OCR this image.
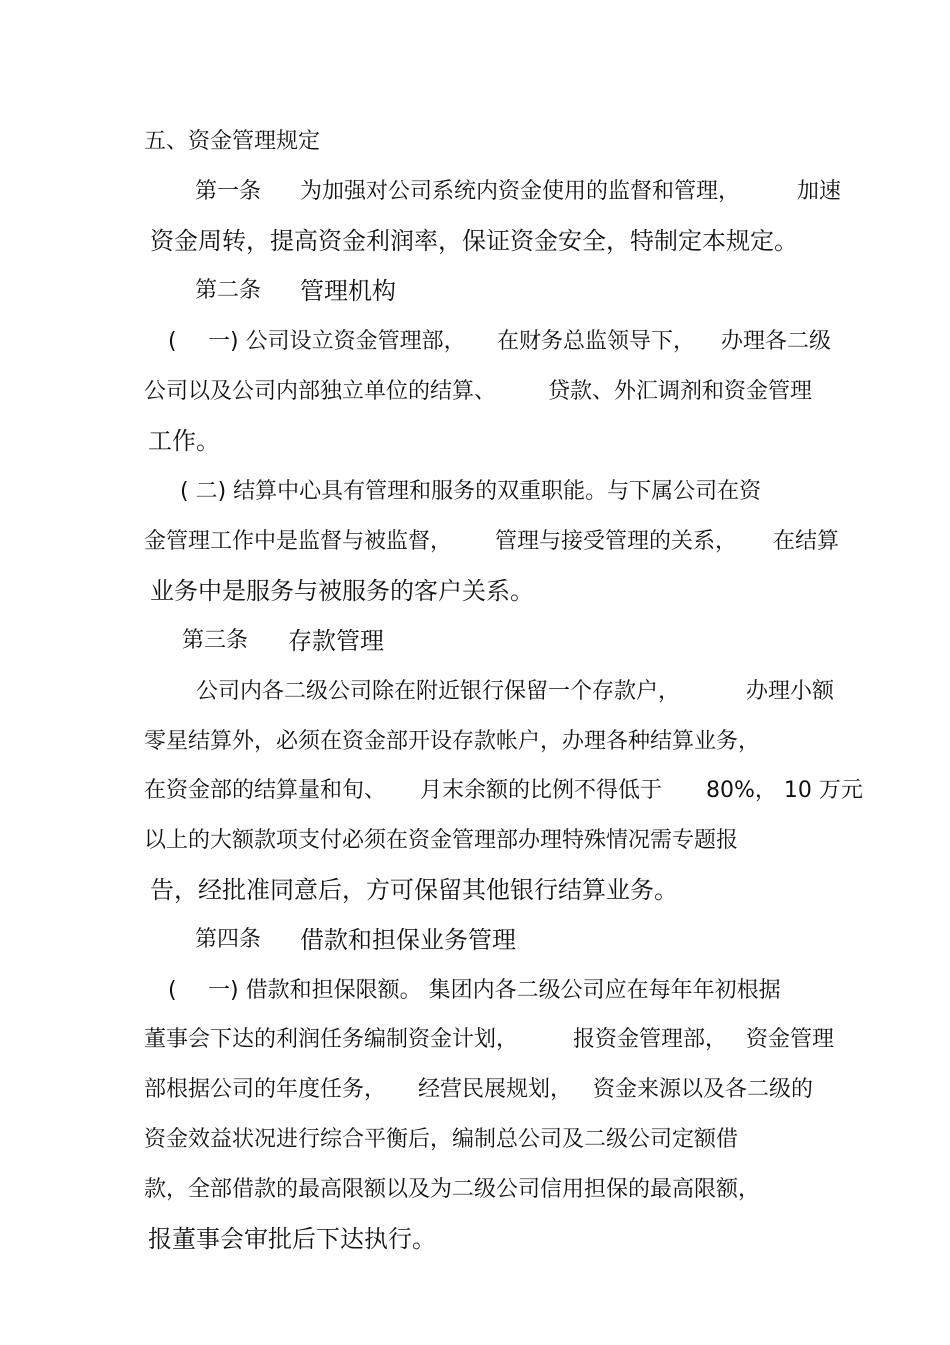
五、资金管理规定
第一条 为加强对公司系统内资金使用的监督和管理，	加速
资金周转，提高资金利润率，保证资金安全，特制定本规定。
第二条 管理机构
( 一) 公司设立资金管理部， 在财务总监领导下， 办理各二级
公司以及公司内部独立单位的结算、 贷款、外汇调剂和资金管理
工作。
( 二) 结算中心具有管理和服务的双重职能。与下属公司在资
金管理工作中是监督与被监督， 管理与接受管理的关系， 在结算
业务中是服务与被服务的客户关系。
第三条 存款管理
公司内各二级公司除在附近银行保留一个存款户，	办理小额
零星结算外，必须在资金部开设存款帐户，办理各种结算业务，
在资金部的结算量和旬、 月末余额的比例不得低于 80%， 10 万元
以上的大额款项支付必须在资金管理部办理特殊情况需专题报
告，经批准同意后，方可保留其他银行结算业务。
第四条 借款和担保业务管理
( 一) 借款和担保限额。 集团内各二级公司应在每年年初根据
董事会下达的利润任务编制资金计划， 报资金管理部， 资金管理
部根据公司的年度任务， 经营民展规划， 资金来源以及各二级的
资金效益状况进行综合平衡后，编制总公司及二级公司定额借
款，全部借款的最高限额以及为二级公司信用担保的最高限额，
报董事会审批后下达执行。
